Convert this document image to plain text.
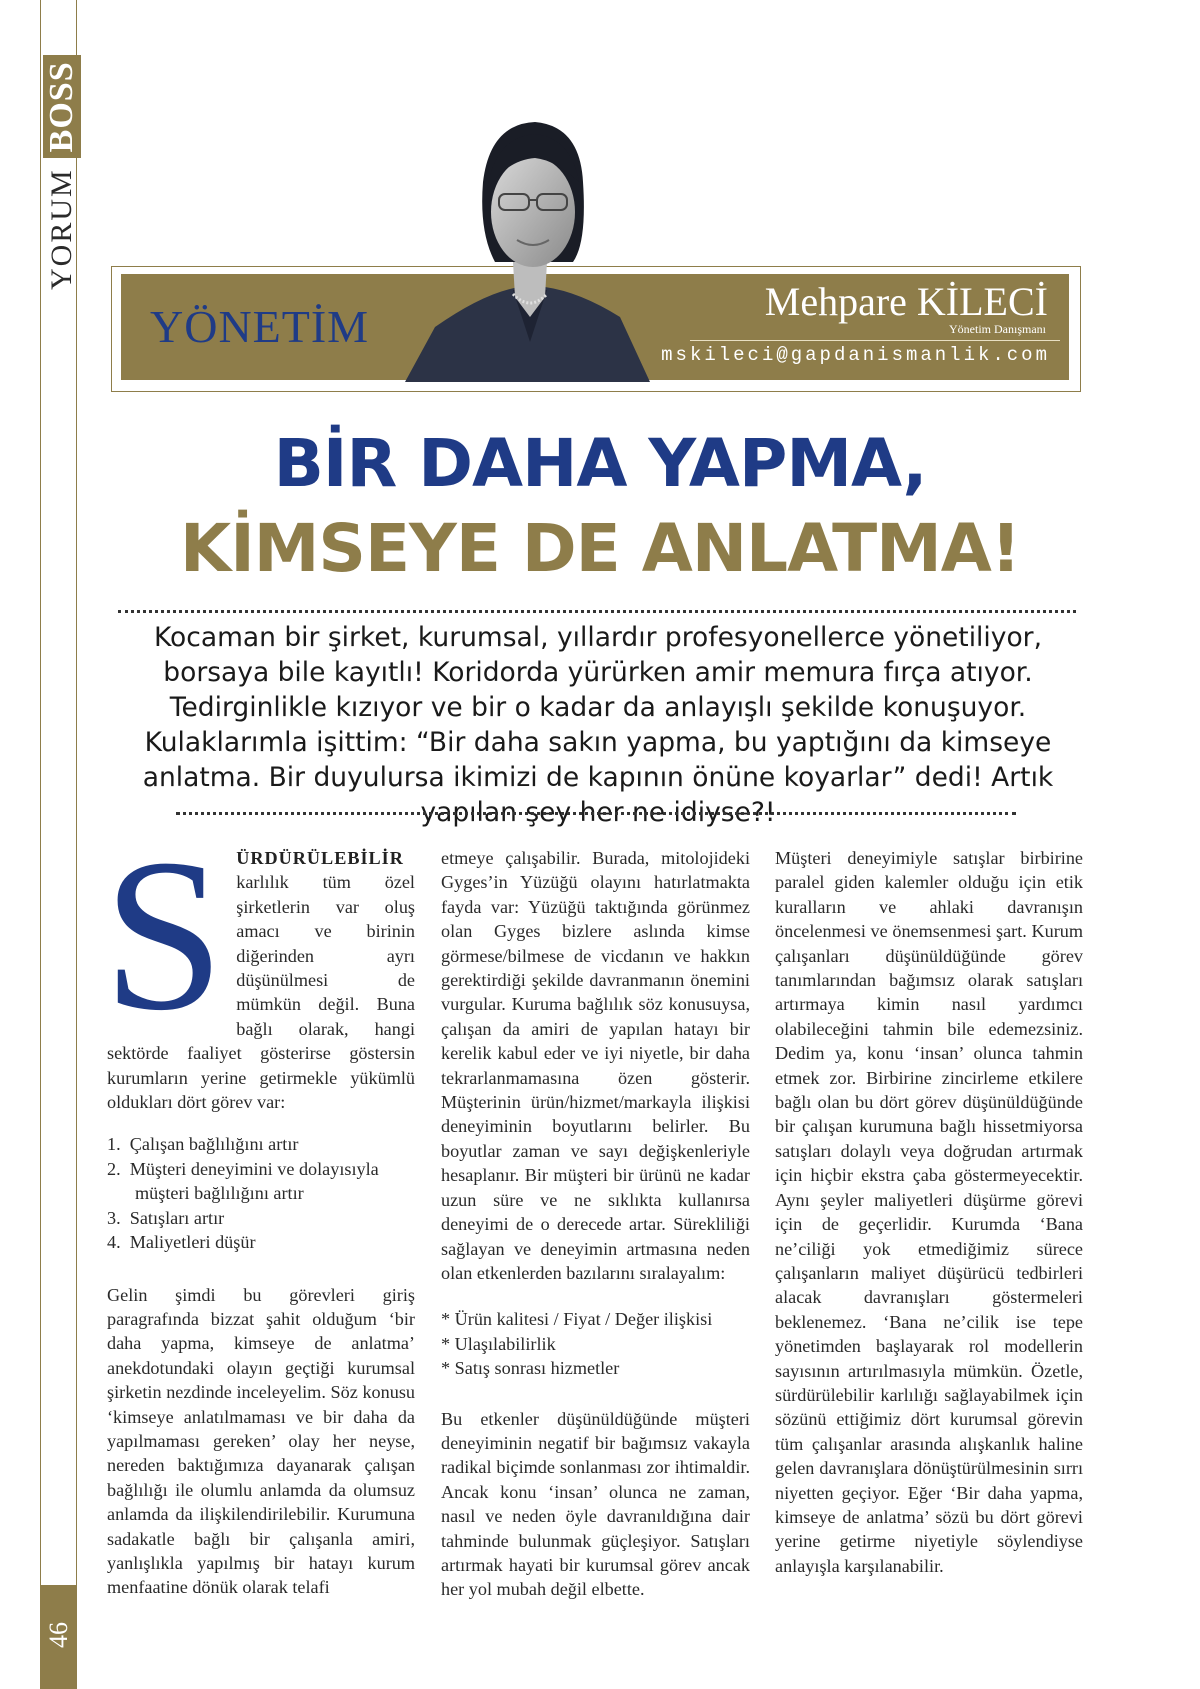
YORUM
BOSS
46
YÖNETİM	Mehpare KİLECİ
Yönetim Danışmanı
mskileci@gapdanismanlik.com
BİR DAHA YAPMA,
KİMSEYE DE ANLATMA!
Kocaman bir şirket, kurumsal, yıllardır profesyonellerce yönetiliyor, borsaya bile kayıtlı! Koridorda yürürken amir memura fırça atıyor. Tedirginlikle kızıyor ve bir o kadar da anlayışlı şekilde konuşuyor. Kulaklarımla işittim: “Bir daha sakın yapma, bu yaptığını da kimseye anlatma. Bir duyulursa ikimizi de kapının önüne koyarlar” dedi! Artık yapılan şey her ne idiyse?!
S ÜRDÜRÜLEBİLİR
karlılık tüm özel şirketlerin var oluş amacı ve birinin diğerinden ayrı düşünülmesi de mümkün değil. Buna bağlı olarak, hangi sektörde faaliyet gösterirse göstersin kurumların yerine getirmekle yükümlü oldukları dört görev var:

1.  Çalışan bağlılığını artır
2.  Müşteri deneyimini ve dolayısıyla müşteri bağlılığını artır
3.  Satışları artır
4.  Maliyetleri düşür

Gelin şimdi bu görevleri giriş paragrafında bizzat şahit olduğum ‘bir daha yapma, kimseye de anlatma’ anekdotundaki olayın geçtiği kurumsal şirketin nezdinde inceleyelim. Söz konusu ‘kimseye anlatılmaması ve bir daha da yapılmaması gereken’ olay her neyse, nereden baktığımıza dayanarak çalışan bağlılığı ile olumlu anlamda da olumsuz anlamda da ilişkilendirilebilir. Kurumuna sadakatle bağlı bir çalışanla amiri, yanlışlıkla yapılmış bir hatayı kurum menfaatine dönük olarak telafi

etmeye çalışabilir. Burada, mitolojideki Gyges’in Yüzüğü olayını hatırlatmakta fayda var: Yüzüğü taktığında görünmez olan Gyges bizlere aslında kimse görmese/bilmese de vicdanın ve hakkın gerektirdiği şekilde davranmanın önemini vurgular. Kuruma bağlılık söz konusuysa, çalışan da amiri de yapılan hatayı bir kerelik kabul eder ve iyi niyetle, bir daha tekrarlanmamasına özen gösterir. Müşterinin ürün/hizmet/markayla ilişkisi deneyiminin boyutlarını belirler. Bu boyutlar zaman ve sayı değişkenleriyle hesaplanır. Bir müşteri bir ürünü ne kadar uzun süre ve ne sıklıkta kullanırsa deneyimi de o derecede artar. Sürekliliği sağlayan ve deneyimin artmasına neden olan etkenlerden bazılarını sıralayalım:

* Ürün kalitesi / Fiyat / Değer ilişkisi
* Ulaşılabilirlik
* Satış sonrası hizmetler

Bu etkenler düşünüldüğünde müşteri deneyiminin negatif bir bağımsız vakayla radikal biçimde sonlanması zor ihtimaldir. Ancak konu ‘insan’ olunca ne zaman, nasıl ve neden öyle davranıldığına dair tahminde bulunmak güçleşiyor. Satışları artırmak hayati bir kurumsal görev ancak her yol mubah değil elbette.

Müşteri deneyimiyle satışlar birbirine paralel giden kalemler olduğu için etik kuralların ve ahlaki davranışın öncelenmesi ve önemsenmesi şart. Kurum çalışanları düşünüldüğünde görev tanımlarından bağımsız olarak satışları artırmaya kimin nasıl yardımcı olabileceğini tahmin bile edemezsiniz. Dedim ya, konu ‘insan’ olunca tahmin etmek zor. Birbirine zincirleme etkilere bağlı olan bu dört görev düşünüldüğünde bir çalışan kurumuna bağlı hissetmiyorsa satışları dolaylı veya doğrudan artırmak için hiçbir ekstra çaba göstermeyecektir. Aynı şeyler maliyetleri düşürme görevi için de geçerlidir. Kurumda ‘Bana ne’ciliği yok etmediğimiz sürece çalışanların maliyet düşürücü tedbirleri alacak davranışları göstermeleri beklenemez. ‘Bana ne’cilik ise tepe yönetimden başlayarak rol modellerin sayısının artırılmasıyla mümkün. Özetle, sürdürülebilir karlılığı sağlayabilmek için sözünü ettiğimiz dört kurumsal görevin tüm çalışanlar arasında alışkanlık haline gelen davranışlara dönüştürülmesinin sırrı niyetten geçiyor. Eğer ‘Bir daha yapma, kimseye de anlatma’ sözü bu dört görevi yerine getirme niyetiyle söylendiyse anlayışla karşılanabilir.
